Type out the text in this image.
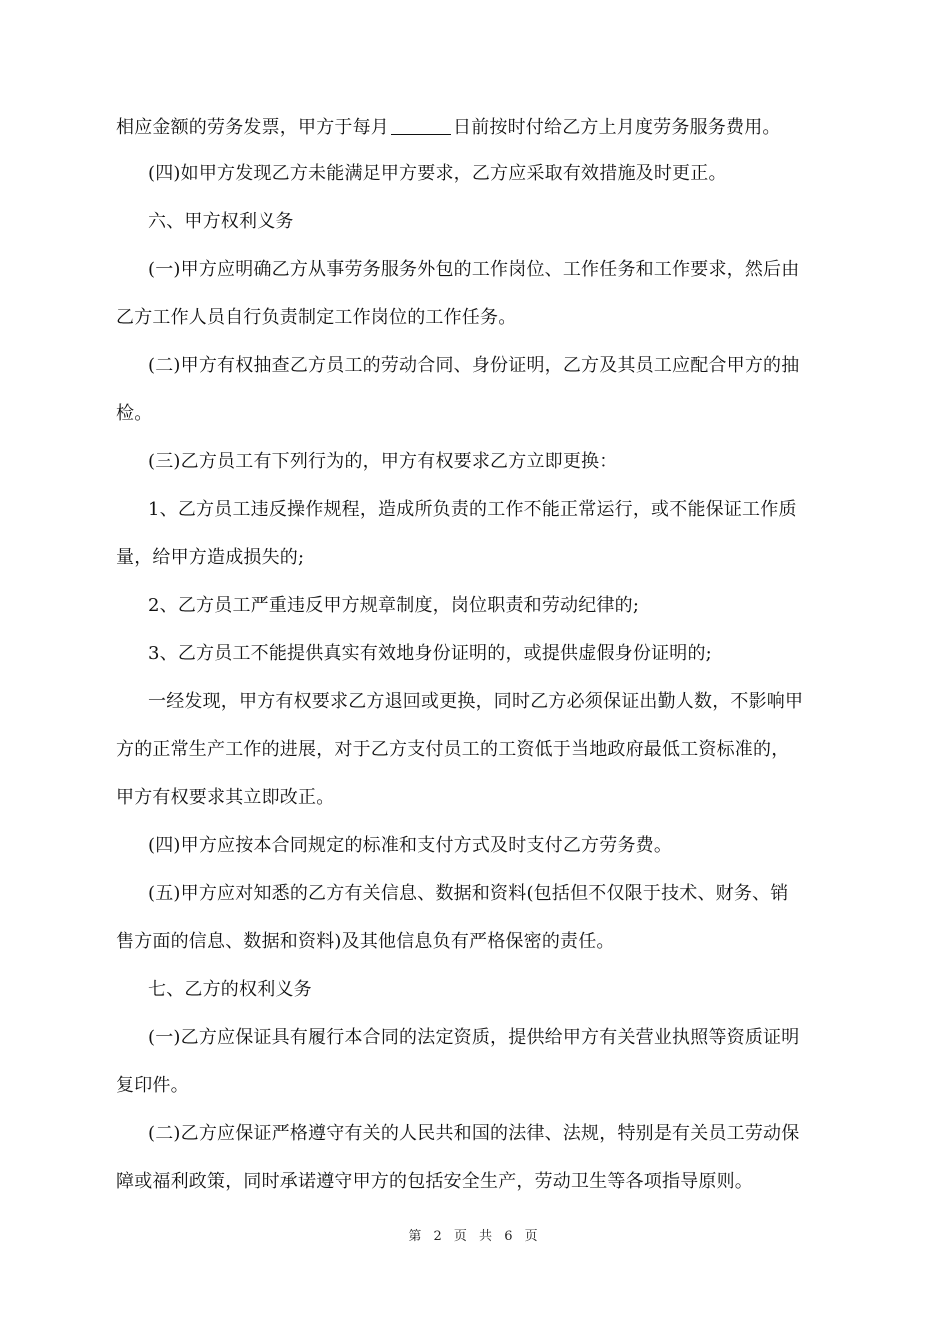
相应金额的劳务发票，甲方于每月	日前按时付给乙方上月度劳务服务费用。
(四)如甲方发现乙方未能满足甲方要求，乙方应采取有效措施及时更正。
六、甲方权利义务
(一)甲方应明确乙方从事劳务服务外包的工作岗位、工作任务和工作要求，然后由
乙方工作人员自行负责制定工作岗位的工作任务。
(二)甲方有权抽查乙方员工的劳动合同、身份证明，乙方及其员工应配合甲方的抽
检。
(三)乙方员工有下列行为的，甲方有权要求乙方立即更换：
1、乙方员工违反操作规程，造成所负责的工作不能正常运行，或不能保证工作质
量，给甲方造成损失的;
2、乙方员工严重违反甲方规章制度，岗位职责和劳动纪律的;
3、乙方员工不能提供真实有效地身份证明的，或提供虚假身份证明的;
一经发现，甲方有权要求乙方退回或更换，同时乙方必须保证出勤人数，不影响甲
方的正常生产工作的进展，对于乙方支付员工的工资低于当地政府最低工资标准的，
甲方有权要求其立即改正。
(四)甲方应按本合同规定的标准和支付方式及时支付乙方劳务费。
(五)甲方应对知悉的乙方有关信息、数据和资料(包括但不仅限于技术、财务、销
售方面的信息、数据和资料)及其他信息负有严格保密的责任。
七、乙方的权利义务
(一)乙方应保证具有履行本合同的法定资质，提供给甲方有关营业执照等资质证明
复印件。
(二)乙方应保证严格遵守有关的人民共和国的法律、法规，特别是有关员工劳动保
障或福利政策，同时承诺遵守甲方的包括安全生产，劳动卫生等各项指导原则。
第 2 页 共 6 页
